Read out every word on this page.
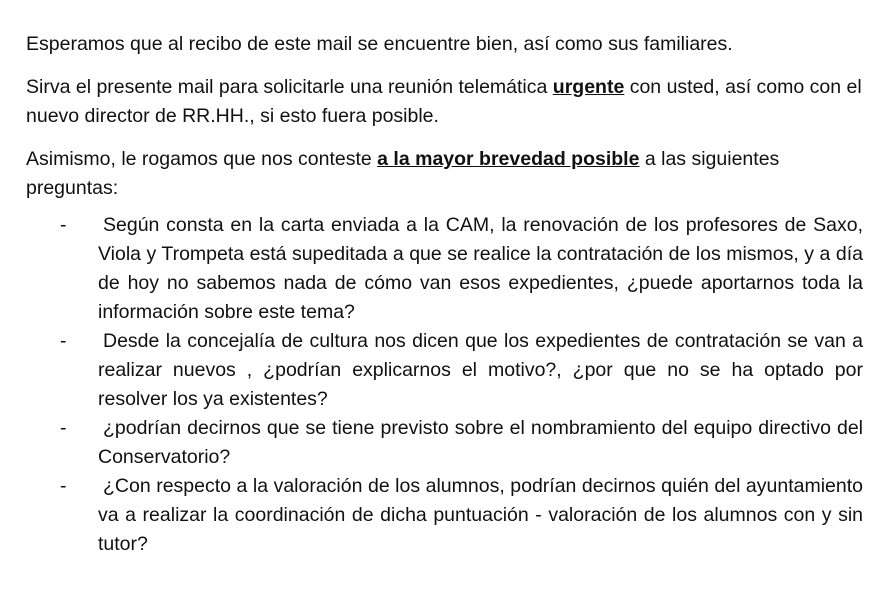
Esperamos que al recibo de este mail se encuentre bien, así como sus familiares.

Sirva el presente mail para solicitarle una reunión telemática urgente con usted, así como con el nuevo director de RR.HH., si esto fuera posible.

Asimismo, le rogamos que nos conteste a la mayor brevedad posible a las siguientes preguntas:

- Según consta en la carta enviada a la CAM, la renovación de los profesores de Saxo, Viola y Trompeta está supeditada a que se realice la contratación de los mismos, y a día de hoy no sabemos nada de cómo van esos expedientes, ¿puede aportarnos toda la información sobre este tema?
- Desde la concejalía de cultura nos dicen que los expedientes de contratación se van a realizar nuevos , ¿podrían explicarnos el motivo?, ¿por que no se ha optado por resolver los ya existentes?
- ¿podrían decirnos que se tiene previsto sobre el nombramiento del equipo directivo del Conservatorio?
- ¿Con respecto a la valoración de los alumnos, podrían decirnos quién del ayuntamiento va a realizar la coordinación de dicha puntuación - valoración de los alumnos con y sin tutor?
